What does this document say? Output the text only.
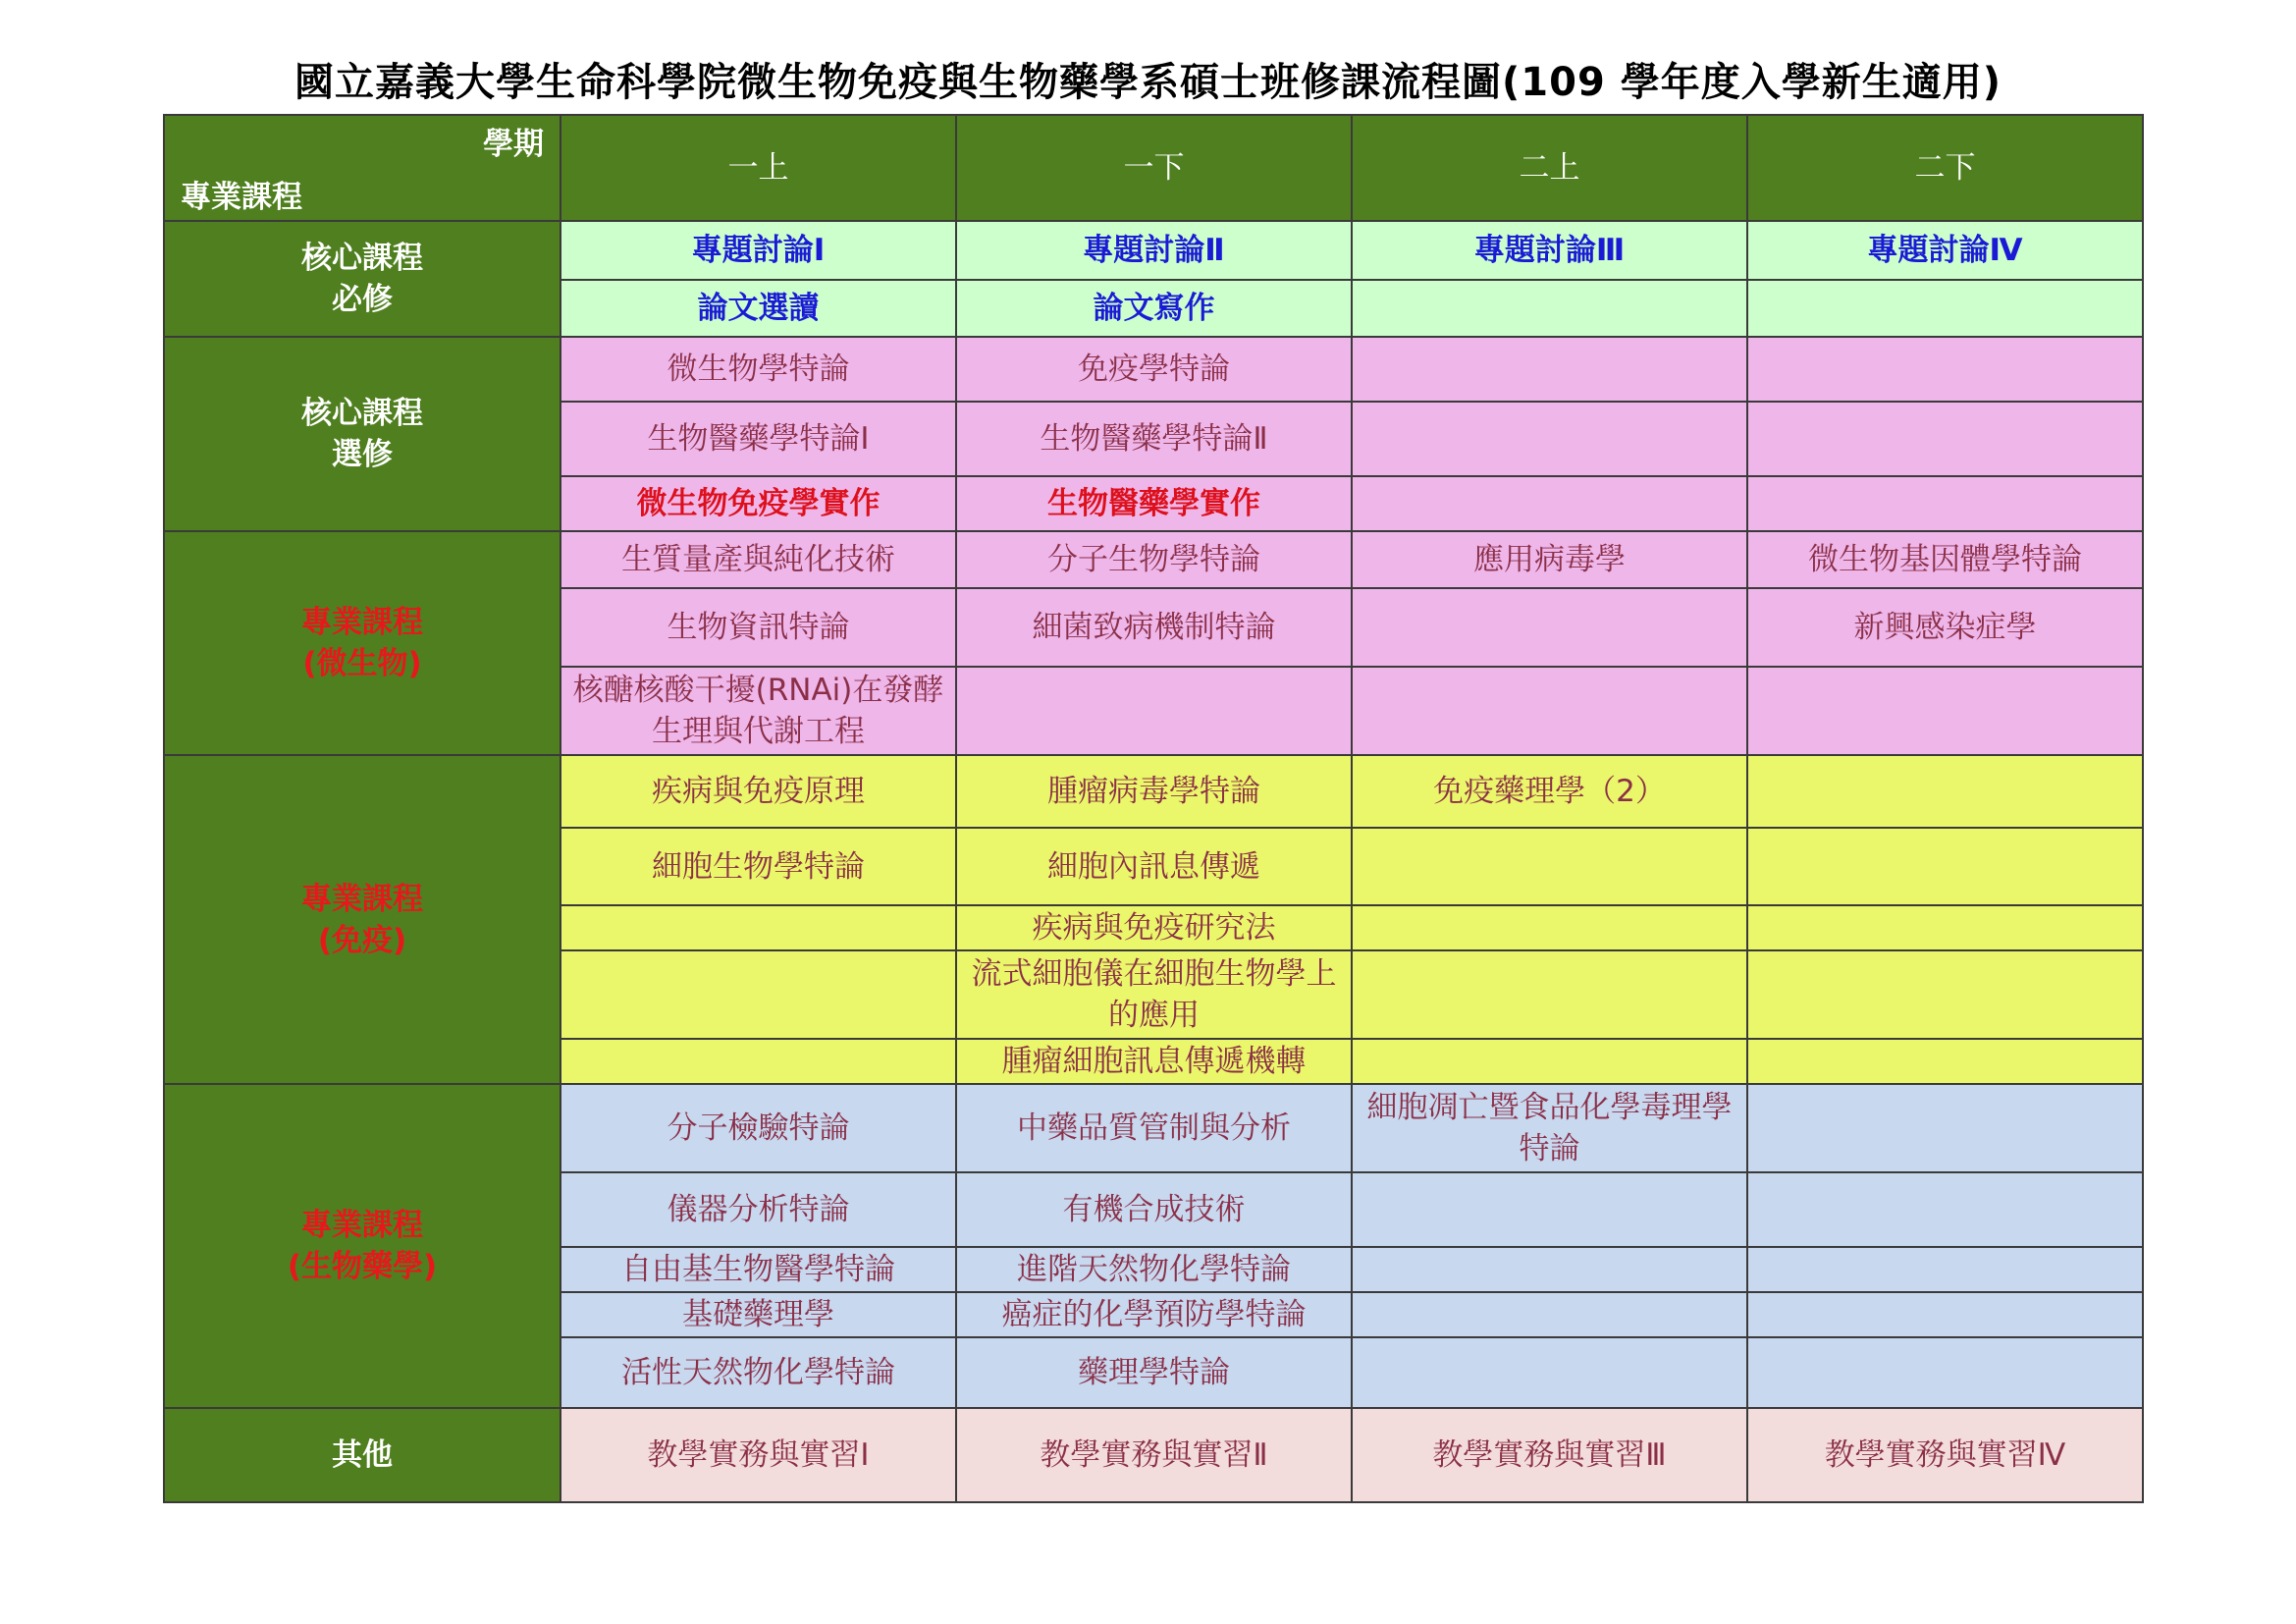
國立嘉義大學生命科學院微生物免疫與生物藥學系碩士班修課流程圖(109 學年度入學新生適用)
學期
專業課程	一上	一下	二上	二下

核心課程
必修	專題討論Ⅰ	專題討論Ⅱ	專題討論Ⅲ	專題討論Ⅳ
	論文選讀	論文寫作		

核心課程
選修	微生物學特論	免疫學特論		
	生物醫藥學特論Ⅰ	生物醫藥學特論Ⅱ		
	微生物免疫學實作	生物醫藥學實作		

專業課程
(微生物)	生質量產與純化技術	分子生物學特論	應用病毒學	微生物基因體學特論
	生物資訊特論	細菌致病機制特論		新興感染症學
	核醣核酸干擾(RNAi)在發酵生理與代謝工程			

專業課程
(免疫)	疾病與免疫原理	腫瘤病毒學特論	免疫藥理學（2）	
	細胞生物學特論	細胞內訊息傳遞		
		疾病與免疫研究法		
		流式細胞儀在細胞生物學上的應用		
		腫瘤細胞訊息傳遞機轉		

專業課程
(生物藥學)	分子檢驗特論	中藥品質管制與分析	細胞凋亡暨食品化學毒理學特論	
	儀器分析特論	有機合成技術		
	自由基生物醫學特論	進階天然物化學特論		
	基礎藥理學	癌症的化學預防學特論		
	活性天然物化學特論	藥理學特論		
其他	教學實務與實習Ⅰ	教學實務與實習Ⅱ	教學實務與實習Ⅲ	教學實務與實習Ⅳ
